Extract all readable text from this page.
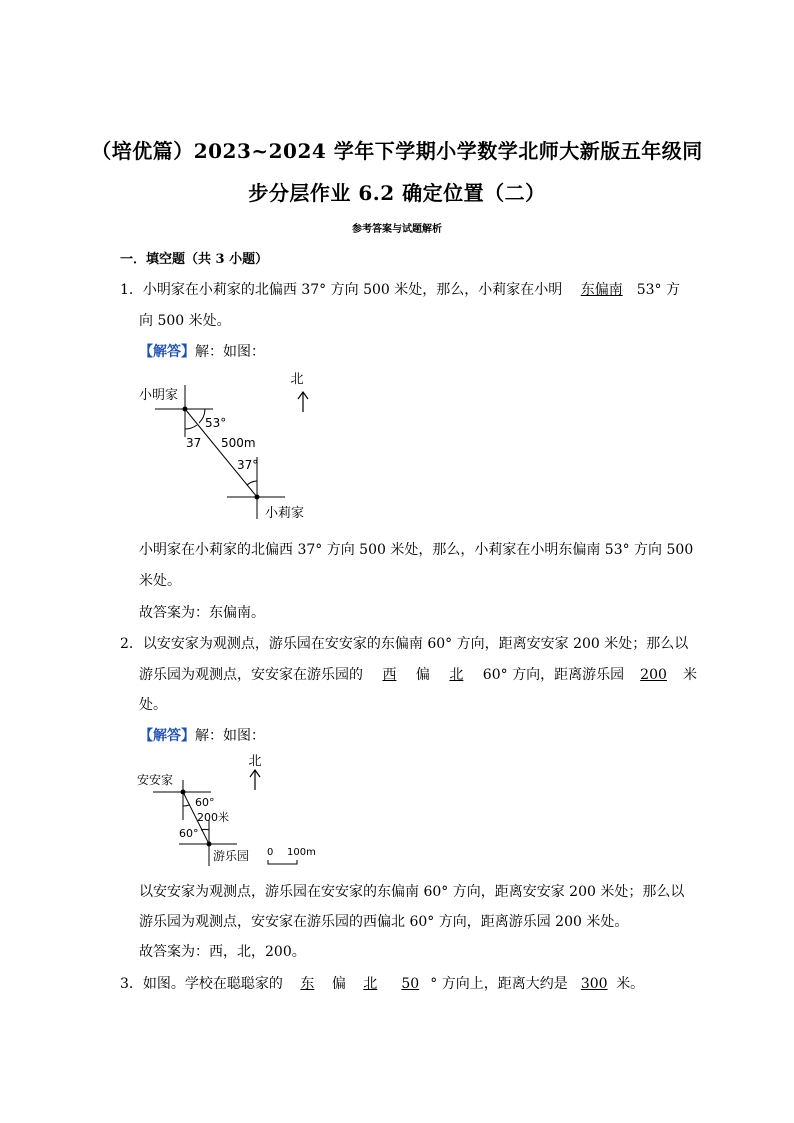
（培优篇）2023~2024 学年下学期小学数学北师大新版五年级同
步分层作业 6.2 确定位置（二）
参考答案与试题解析
一．填空题（共 3 小题）
1．小明家在小莉家的北偏西 37° 方向 500 米处，那么，小莉家在小明 东偏南 53° 方
向 500 米处。
【解答】解：如图：
北
小明家
53°
37 500m
37°
小莉家
小明家在小莉家的北偏西 37° 方向 500 米处，那么，小莉家在小明东偏南 53° 方向 500
米处。
故答案为：东偏南。
2．以安安家为观测点，游乐园在安安家的东偏南 60° 方向，距离安安家 200 米处；那么以
游乐园为观测点，安安家在游乐园的 西 偏 北 60° 方向，距离游乐园 200 米
处。
【解答】解：如图：
北
安安家
60°
200米
60°
游乐园 0 100m
以安安家为观测点，游乐园在安安家的东偏南 60° 方向，距离安安家 200 米处；那么以
游乐园为观测点，安安家在游乐园的西偏北 60° 方向，距离游乐园 200 米处。
故答案为：西，北，200。
3．如图。学校在聪聪家的 东 偏 北 50 ° 方向上，距离大约是 300 米。
